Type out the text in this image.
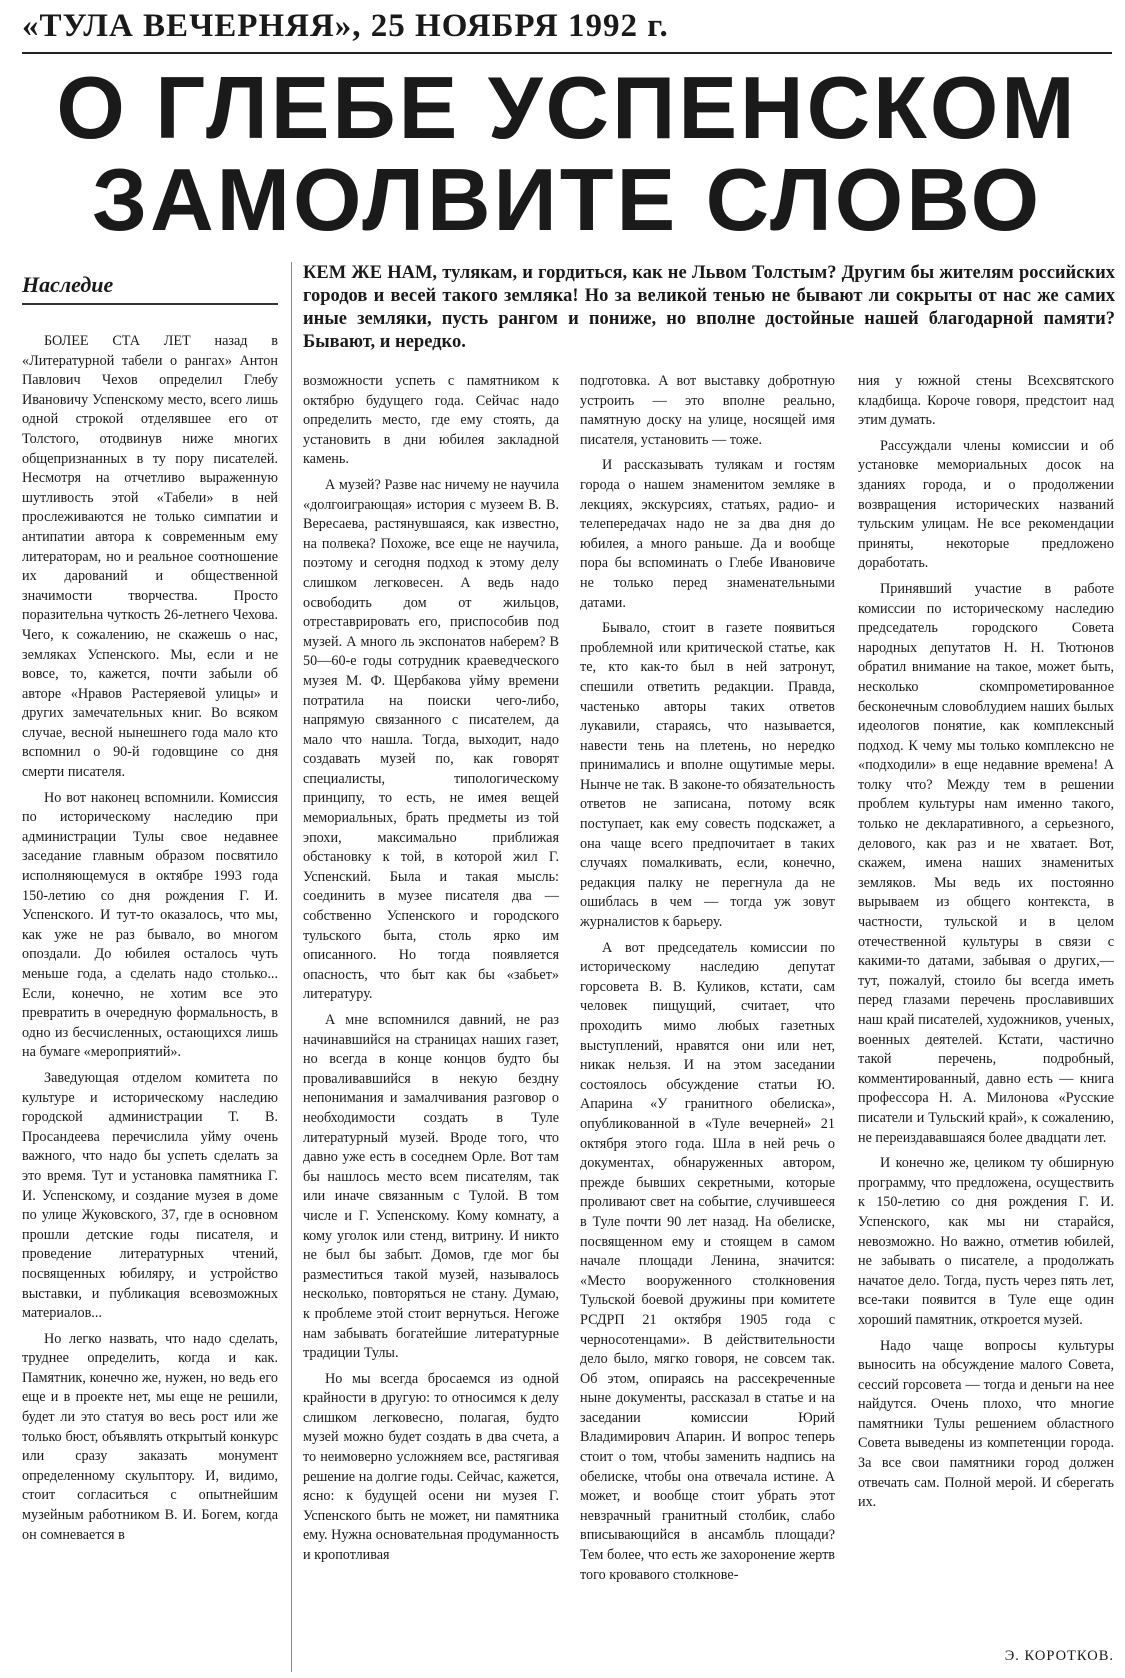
«ТУЛА ВЕЧЕРНЯЯ», 25 НОЯБРЯ 1992 г.
О ГЛЕБЕ УСПЕНСКОМ
ЗАМОЛВИТЕ СЛОВО
Наследие	КЕМ ЖЕ НАМ, тулякам, и гордиться, как не Львом Толстым? Другим бы жителям российских городов и весей такого земляка! Но за великой тенью не бывают ли сокрыты от нас же самих иные земляки, пусть рангом и пониже, но вполне достойные нашей благодарной памяти? Бывают, и нередко.

БОЛЕЕ СТА ЛЕТ назад в «Литературной табели о рангах» Антон Павлович Чехов определил Глебу Ивановичу Успенскому место, всего лишь одной строкой отделявшее его от Толстого, отодвинув ниже многих общепризнанных в ту пору писателей. Несмотря на отчетливо выраженную шутливость этой «Табели» в ней прослеживаются не только симпатии и антипатии автора к современным ему литераторам, но и реальное соотношение их дарований и общественной значимости творчества. Просто поразительна чуткость 26-летнего Чехова. Чего, к сожалению, не скажешь о нас, земляках Успенского. Мы, если и не вовсе, то, кажется, почти забыли об авторе «Нравов Растеряевой улицы» и других замечательных книг. Во всяком случае, весной нынешнего года мало кто вспомнил о 90-й годовщине со дня смерти писателя.

Но вот наконец вспомнили. Комиссия по историческому наследию при администрации Тулы свое недавнее заседание главным образом посвятило исполняющемуся в октябре 1993 года 150-летию со дня рождения Г. И. Успенского. И тут-то оказалось, что мы, как уже не раз бывало, во многом опоздали. До юбилея осталось чуть меньше года, а сделать надо столько... Если, конечно, не хотим все это превратить в очередную формальность, в одно из бесчисленных, остающихся лишь на бумаге «мероприятий».

Заведующая отделом комитета по культуре и историческому наследию городской администрации Т. В. Просандеева перечислила уйму очень важного, что надо бы успеть сделать за это время. Тут и установка памятника Г. И. Успенскому, и создание музея в доме по улице Жуковского, 37, где в основном прошли детские годы писателя, и проведение литературных чтений, посвященных юбиляру, и устройство выставки, и публикация всевозможных материалов...

Но легко назвать, что надо сделать, труднее определить, когда и как. Памятник, конечно же, нужен, но ведь его еще и в проекте нет, мы еще не решили, будет ли это статуя во весь рост или же только бюст, объявлять открытый конкурс или сразу заказать монумент определенному скульптору. И, видимо, стоит согласиться с опытнейшим музейным работником В. И. Богем, когда он сомневается в

возможности успеть с памятником к октябрю будущего года. Сейчас надо определить место, где ему стоять, да установить в дни юбилея закладной камень.

А музей? Разве нас ничему не научила «долгоиграющая» история с музеем В. В. Вересаева, растянувшаяся, как известно, на полвека? Похоже, все еще не научила, поэтому и сегодня подход к этому делу слишком легковесен. А ведь надо освободить дом от жильцов, отреставрировать его, приспособив под музей. А много ль экспонатов наберем? В 50—60-е годы сотрудник краеведческого музея М. Ф. Щербакова уйму времени потратила на поиски чего-либо, напрямую связанного с писателем, да мало что нашла. Тогда, выходит, надо создавать музей по, как говорят специалисты, типологическому принципу, то есть, не имея вещей мемориальных, брать предметы из той эпохи, максимально приближая обстановку к той, в которой жил Г. Успенский. Была и такая мысль: соединить в музее писателя два — собственно Успенского и городского тульского быта, столь ярко им описанного. Но тогда появляется опасность, что быт как бы «забьет» литературу.

А мне вспомнился давний, не раз начинавшийся на страницах наших газет, но всегда в конце концов будто бы проваливавшийся в некую бездну непонимания и замалчивания разговор о необходимости создать в Туле литературный музей. Вроде того, что давно уже есть в соседнем Орле. Вот там бы нашлось место всем писателям, так или иначе связанным с Тулой. В том числе и Г. Успенскому. Кому комнату, а кому уголок или стенд, витрину. И никто не был бы забыт. Домов, где мог бы разместиться такой музей, называлось несколько, повторяться не стану. Думаю, к проблеме этой стоит вернуться. Негоже нам забывать богатейшие литературные традиции Тулы.

Но мы всегда бросаемся из одной крайности в другую: то относимся к делу слишком легковесно, полагая, будто музей можно будет создать в два счета, а то неимоверно усложняем все, растягивая решение на долгие годы. Сейчас, кажется, ясно: к будущей осени ни музея Г. Успенского быть не может, ни памятника ему. Нужна основательная продуманность и кропотливая

подготовка. А вот выставку добротную устроить — это вполне реально, памятную доску на улице, носящей имя писателя, установить — тоже.

И рассказывать тулякам и гостям города о нашем знаменитом земляке в лекциях, экскурсиях, статьях, радио- и телепередачах надо не за два дня до юбилея, а много раньше. Да и вообще пора бы вспоминать о Глебе Ивановиче не только перед знаменательными датами.

Бывало, стоит в газете появиться проблемной или критической статье, как те, кто как-то был в ней затронут, спешили ответить редакции. Правда, частенько авторы таких ответов лукавили, стараясь, что называется, навести тень на плетень, но нередко принимались и вполне ощутимые меры. Нынче не так. В законе-то обязательность ответов не записана, потому всяк поступает, как ему совесть подскажет, а она чаще всего предпочитает в таких случаях помалкивать, если, конечно, редакция палку не перегнула да не ошиблась в чем — тогда уж зовут журналистов к барьеру.

А вот председатель комиссии по историческому наследию депутат горсовета В. В. Куликов, кстати, сам человек пищущий, считает, что проходить мимо любых газетных выступлений, нравятся они или нет, никак нельзя. И на этом заседании состоялось обсуждение статьи Ю. Апарина «У гранитного обелиска», опубликованной в «Туле вечерней» 21 октября этого года. Шла в ней речь о документах, обнаруженных автором, прежде бывших секретными, которые проливают свет на событие, случившееся в Туле почти 90 лет назад. На обелиске, посвященном ему и стоящем в самом начале площади Ленина, значится: «Место вооруженного столкновения Тульской боевой дружины при комитете РСДРП 21 октября 1905 года с черносотенцами». В действительности дело было, мягко говоря, не совсем так. Об этом, опираясь на рассекреченные ныне документы, рассказал в статье и на заседании комиссии Юрий Владимирович Апарин. И вопрос теперь стоит о том, чтобы заменить надпись на обелиске, чтобы она отвечала истине. А может, и вообще стоит убрать этот невзрачный гранитный столбик, слабо вписывающийся в ансамбль площади? Тем более, что есть же захоронение жертв того кровавого столкнове-

ния у южной стены Всехсвятского кладбища. Короче говоря, предстоит над этим думать.

Рассуждали члены комиссии и об установке мемориальных досок на зданиях города, и о продолжении возвращения исторических названий тульским улицам. Не все рекомендации приняты, некоторые предложено доработать.

Принявший участие в работе комиссии по историческому наследию председатель городского Совета народных депутатов Н. Н. Тютюнов обратил внимание на такое, может быть, несколько скомпрометированное бесконечным словоблудием наших былых идеологов понятие, как комплексный подход. К чему мы только комплексно не «подходили» в еще недавние времена! А толку что? Между тем в решении проблем культуры нам именно такого, только не декларативного, а серьезного, делового, как раз и не хватает. Вот, скажем, имена наших знаменитых земляков. Мы ведь их постоянно вырываем из общего контекста, в частности, тульской и в целом отечественной культуры в связи с какими-то датами, забывая о других,— тут, пожалуй, стоило бы всегда иметь перед глазами перечень прославивших наш край писателей, художников, ученых, военных деятелей. Кстати, частично такой перечень, подробный, комментированный, давно есть — книга профессора Н. А. Милонова «Русские писатели и Тульский край», к сожалению, не переиздававшаяся более двадцати лет.

И конечно же, целиком ту обширную программу, что предложена, осуществить к 150-летию со дня рождения Г. И. Успенского, как мы ни старайся, невозможно. Но важно, отметив юбилей, не забывать о писателе, а продолжать начатое дело. Тогда, пусть через пять лет, все-таки появится в Туле еще один хороший памятник, откроется музей.

Надо чаще вопросы культуры выносить на обсуждение малого Совета, сессий горсовета — тогда и деньги на нее найдутся. Очень плохо, что многие памятники Тулы решением областного Совета выведены из компетенции города. За все свои памятники город должен отвечать сам. Полной мерой. И сберегать их.

Э. КОРОТКОВ.
